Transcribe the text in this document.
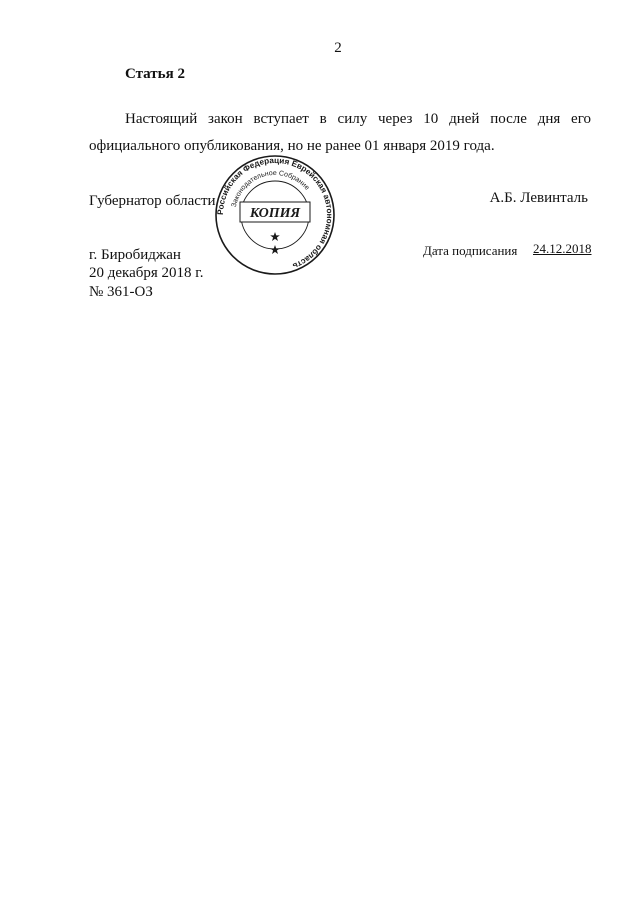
2
Статья 2
Настоящий закон вступает в силу через 10 дней после дня его официального опубликования, но не ранее 01 января 2019 года.
Губернатор области	А.Б. Левинталь
Российская Федерация Еврейская автономная область
Законодательное Собрание
КОПИЯ
г. Биробиджан	Дата подписания 24.12.2018
20 декабря 2018 г.
№ 361-ОЗ
